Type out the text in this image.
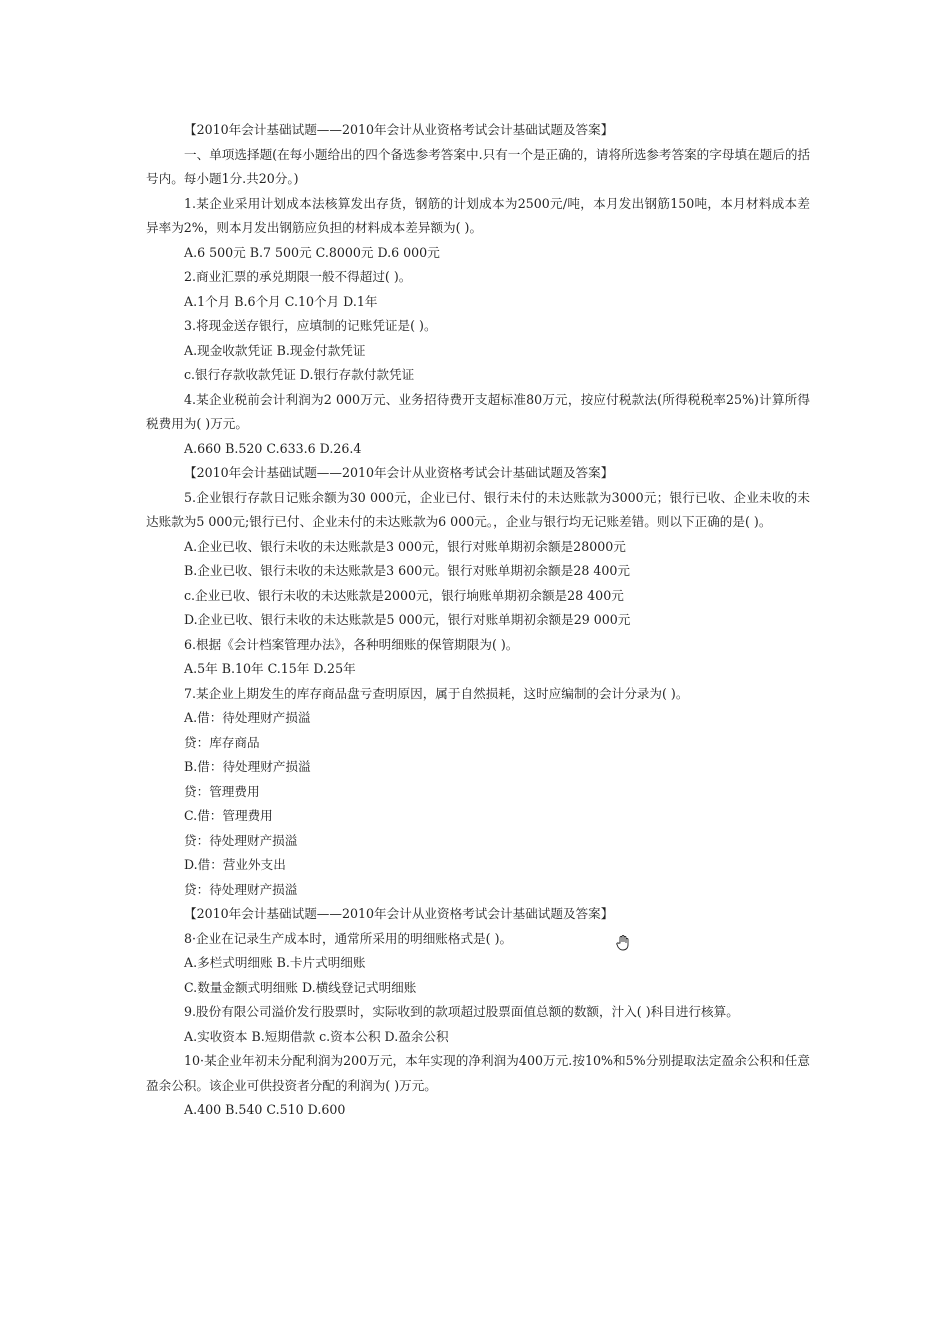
【2010年会计基础试题——2010年会计从业资格考试会计基础试题及答案】
一、单项选择题(在每小题给出的四个备选参考答案中.只有一个是正确的，请将所选参考答案的字母填在题后的括号内。每小题1分.共20分。)
1.某企业采用计划成本法核算发出存货，钢筋的计划成本为2500元/吨，本月发出钢筋150吨，本月材料成本差异率为2%，则本月发出钢筋应负担的材料成本差异额为( )。
A.6 500元 B.7 500元 C.8000元 D.6 000元
2.商业汇票的承兑期限一般不得超过( )。
A.1个月 B.6个月 C.10个月 D.1年
3.将现金送存银行，应填制的记账凭证是( )。
A.现金收款凭证 B.现金付款凭证
c.银行存款收款凭证 D.银行存款付款凭证
4.某企业税前会计利润为2 000万元、业务招待费开支超标准80万元，按应付税款法(所得税税率25%)计算所得税费用为( )万元。
A.660 B.520 C.633.6 D.26.4
【2010年会计基础试题——2010年会计从业资格考试会计基础试题及答案】
5.企业银行存款日记账余额为30 000元，企业已付、银行未付的未达账款为3000元；银行已收、企业未收的未达账款为5 000元;银行已付、企业未付的未达账款为6 000元。，企业与银行均无记账差错。则以下正确的是( )。
A.企业已收、银行未收的未达账款是3 000元，银行对账单期初余额是28000元
B.企业已收、银行未收的未达账款是3 600元。银行对账单期初余额是28 400元
c.企业已收、银行未收的未达账款是2000元，银行垧账单期初余额是28 400元
D.企业已收、银行未收的未达账款是5 000元，银行对账单期初余额是29 000元
6.根据《会计档案管理办法》，各种明细账的保管期限为( )。
A.5年 B.10年 C.15年 D.25年
7.某企业上期发生的库存商品盘亏查明原因，属于自然损耗，这时应编制的会计分录为( )。
A.借：待处理财产损溢
贷：库存商品
B.借：待处理财产损溢
贷：管理费用
C.借：管理费用
贷：待处理财产损溢
D.借：营业外支出
贷：待处理财产损溢
【2010年会计基础试题——2010年会计从业资格考试会计基础试题及答案】
8·企业在记录生产成本时，通常所采用的明细账格式是( )。
A.多栏式明细账 B.卡片式明细账
C.数量金额式明细账 D.横线登记式明细账
9.股份有限公司溢价发行股票时，实际收到的款项超过股票面值总额的数额，汁入( )科目进行核算。
A.实收资本 B.短期借款 c.资本公积 D.盈余公积
10·某企业年初未分配利润为200万元，本年实现的净利润为400万元.按10%和5%分别提取法定盈余公积和任意盈余公积。该企业可供投资者分配的利润为( )万元。
A.400 B.540 C.510 D.600
